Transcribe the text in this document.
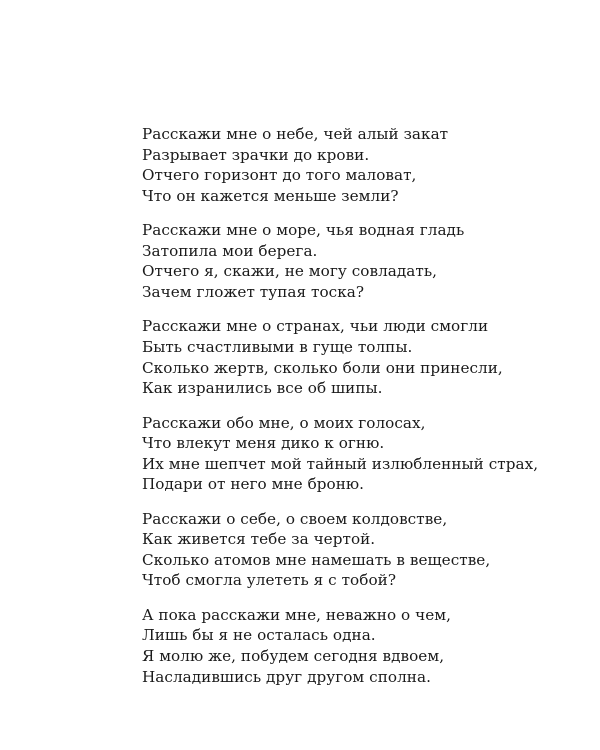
Расскажи мне о небе, чей алый закат
Разрывает зрачки до крови.
Отчего горизонт до того маловат,
Что он кажется меньше земли?
Расскажи мне о море, чья водная гладь
Затопила мои берега.
Отчего я, скажи, не могу совладать,
Зачем гложет тупая тоска?
Расскажи мне о странах, чьи люди смогли
Быть счастливыми в гуще толпы.
Сколько жертв, сколько боли они принесли,
Как изранились все об шипы.
Расскажи обо мне, о моих голосах,
Что влекут меня дико к огню.
Их мне шепчет мой тайный излюбленный страх,
Подари от него мне броню.
Расскажи о себе, о своем колдовстве,
Как живется тебе за чертой.
Сколько атомов мне намешать в веществе,
Чтоб смогла улететь я с тобой?
А пока расскажи мне, неважно о чем,
Лишь бы я не осталась одна.
Я молю же, побудем сегодня вдвоем,
Насладившись друг другом сполна.
